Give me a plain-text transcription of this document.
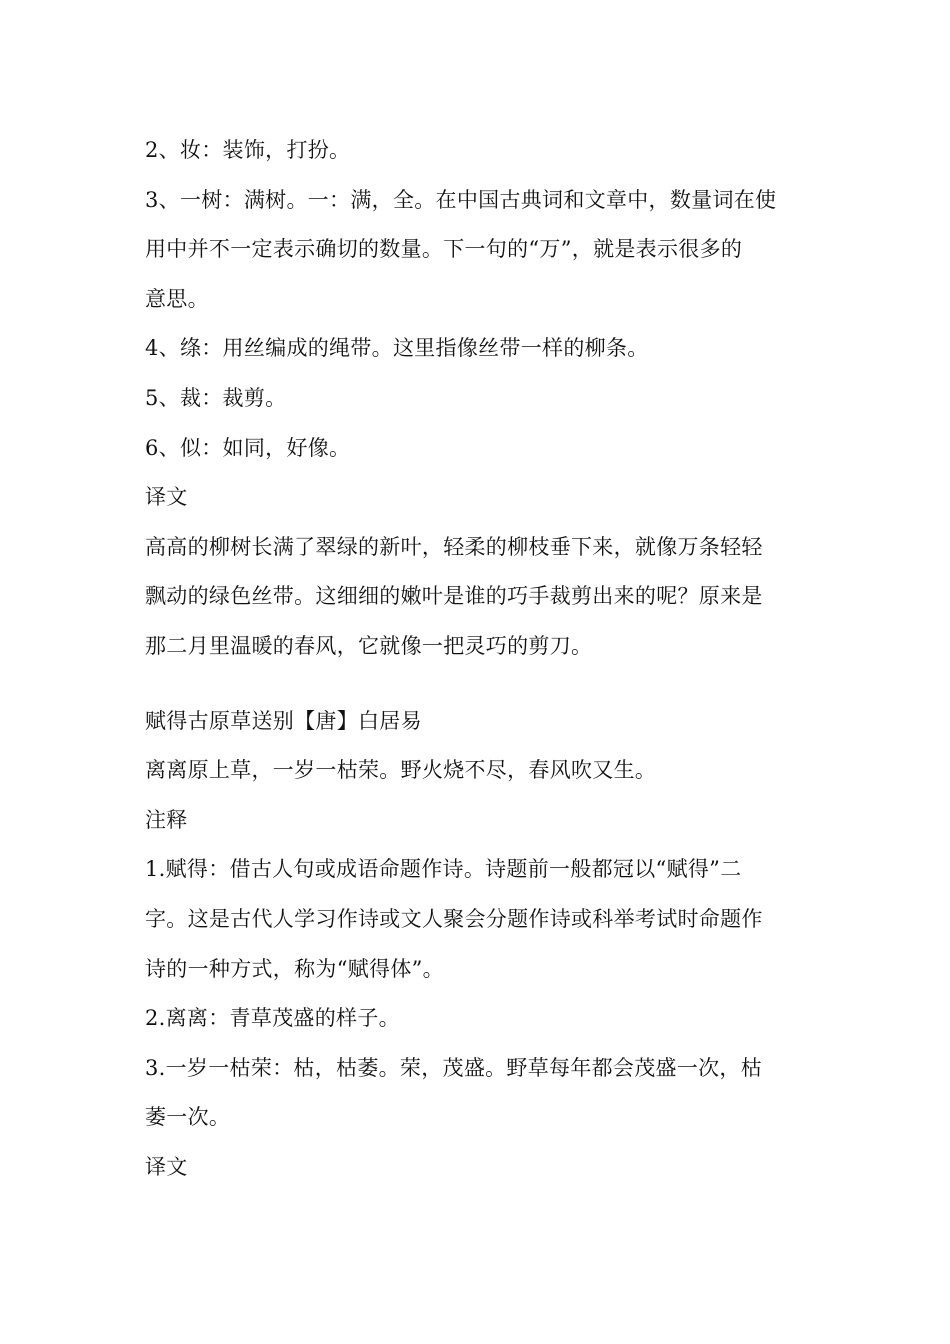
2、妆：装饰，打扮。
3、一树：满树。一：满，全。在中国古典词和文章中，数量词在使
用中并不一定表示确切的数量。下一句的“万”，就是表示很多的
意思。
4、绦：用丝编成的绳带。这里指像丝带一样的柳条。
5、裁：裁剪。
6、似：如同，好像。
译文
高高的柳树长满了翠绿的新叶，轻柔的柳枝垂下来，就像万条轻轻
飘动的绿色丝带。这细细的嫩叶是谁的巧手裁剪出来的呢？原来是
那二月里温暖的春风，它就像一把灵巧的剪刀。
赋得古原草送别【唐】白居易
离离原上草，一岁一枯荣。野火烧不尽，春风吹又生。
注释
1.赋得：借古人句或成语命题作诗。诗题前一般都冠以“赋得”二
字。这是古代人学习作诗或文人聚会分题作诗或科举考试时命题作
诗的一种方式，称为“赋得体”。
2.离离：青草茂盛的样子。
3.一岁一枯荣：枯，枯萎。荣，茂盛。野草每年都会茂盛一次，枯
萎一次。
译文
